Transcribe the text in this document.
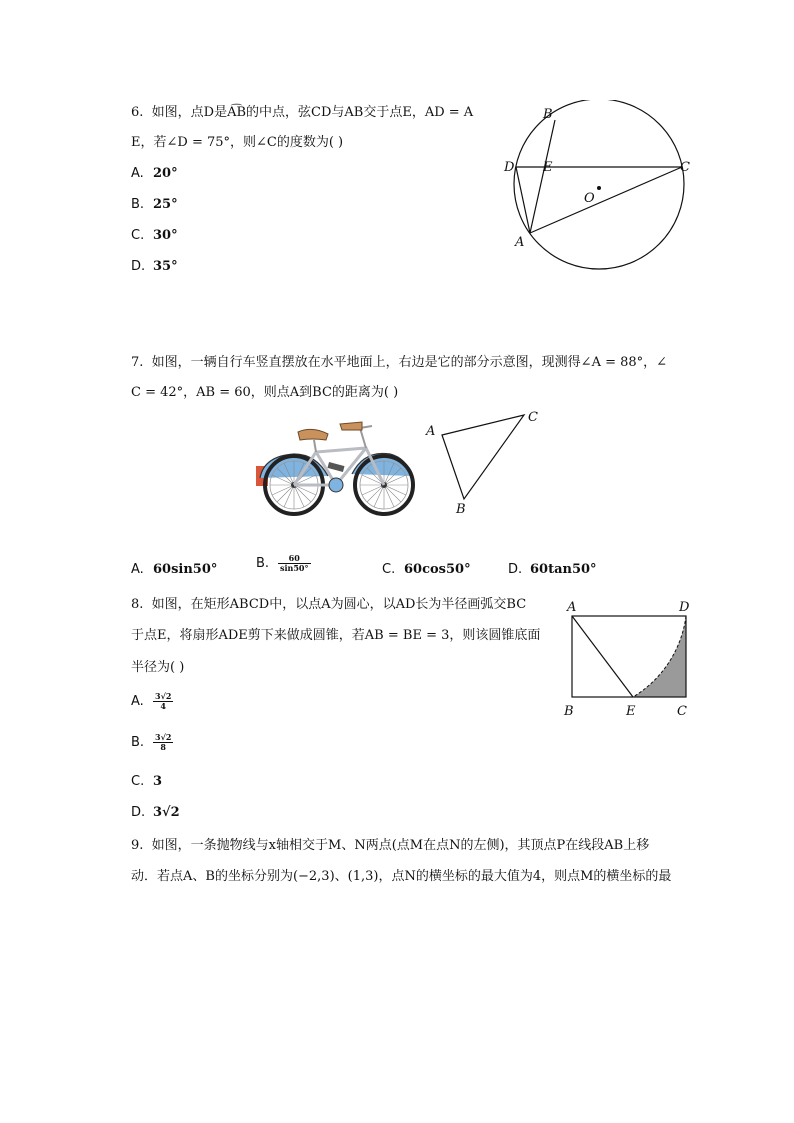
6. 如图，点D是A͡B的中点，弦CD与AB交于点E，AD = A
E，若∠D = 75°，则∠C的度数为( )
A. 20°
B. 25°
C. 30°
D. 35°
B
D E	C
O
A
7. 如图，一辆自行车竖直摆放在水平地面上，右边是它的部分示意图，现测得∠A = 88°，∠
C = 42°，AB = 60，则点A到BC的距离为( )
A
C
B
A. 60sin50°	B. $\frac{60}{\sin 50^\circ}$	C. 60cos50°	D. 60tan50°
8. 如图，在矩形ABCD中，以点A为圆心，以AD长为半径画弧交BC
于点E，将扇形ADE剪下来做成圆锥，若AB = BE = 3，则该圆锥底面
半径为( )
A. $\frac{3√2}{4}$
B. $\frac{3√2}{8}$
C. 3
D. 3√2
A	D
B	E	C
9. 如图，一条抛物线与x轴相交于M、N两点(点M在点N的左侧)，其顶点P在线段AB上移
动．若点A、B的坐标分别为(−2,3)、(1,3)，点N的横坐标的最大值为4，则点M的横坐标的最
